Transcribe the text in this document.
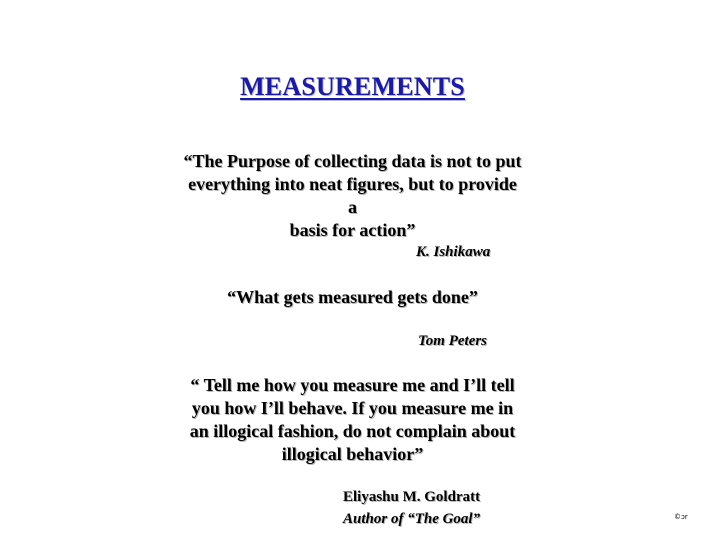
MEASUREMENTS
“The Purpose of collecting data is not to put
everything into neat figures, but to provide
a
basis for action”
K. Ishikawa
“What gets measured gets done”
Tom Peters
“ Tell me how you measure me and I’ll tell
you how I’ll behave. If you measure me in
an illogical fashion, do not complain about
illogical behavior”
Eliyashu M. Goldratt
Author of “The Goal”	©ɔr
